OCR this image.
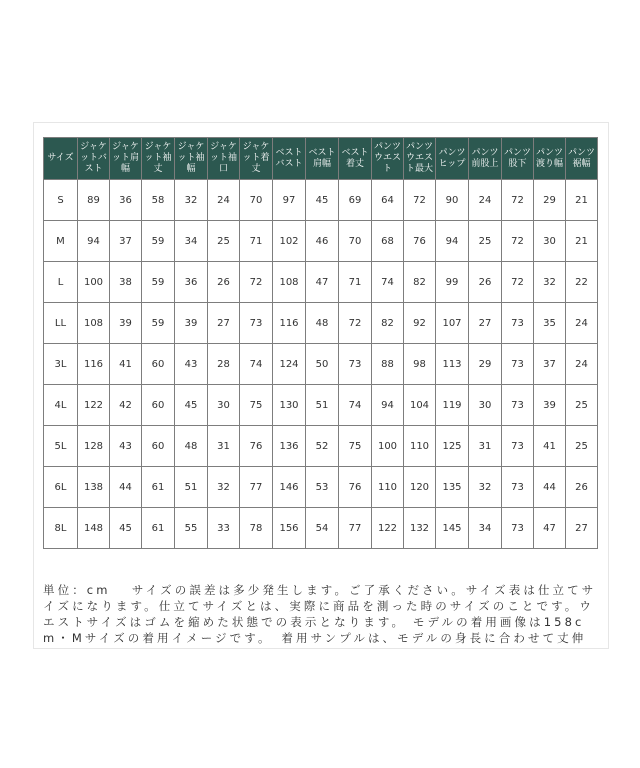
サイズ	ジャケットバスト	ジャケット肩幅	ジャケット袖丈	ジャケット袖幅	ジャケット袖口	ジャケット着丈	ベストバスト	ベスト肩幅	ベスト着丈	パンツウエスト	パンツウエスト最大	パンツヒップ	パンツ前股上	パンツ股下	パンツ渡り幅	パンツ裾幅
S	89	36	58	32	24	70	97	45	69	64	72	90	24	72	29	21
M	94	37	59	34	25	71	102	46	70	68	76	94	25	72	30	21
L	100	38	59	36	26	72	108	47	71	74	82	99	26	72	32	22
LL	108	39	59	39	27	73	116	48	72	82	92	107	27	73	35	24
3L	116	41	60	43	28	74	124	50	73	88	98	113	29	73	37	24
4L	122	42	60	45	30	75	130	51	74	94	104	119	30	73	39	25
5L	128	43	60	48	31	76	136	52	75	100	110	125	31	73	41	25
6L	138	44	61	51	32	77	146	53	76	110	120	135	32	73	44	26
8L	148	45	61	55	33	78	156	54	77	122	132	145	34	73	47	27
単位：cm　 サイズの誤差は多少発生します。ご了承ください。サイズ表は仕立てサイズになります。仕立てサイズとは、実際に商品を測った時のサイズのことです。ウエストサイズはゴムを縮めた状態での表示となります。 モデルの着用画像は158cm・Mサイズの着用イメージです。　着用サンプルは、モデルの身長に合わせて丈伸
